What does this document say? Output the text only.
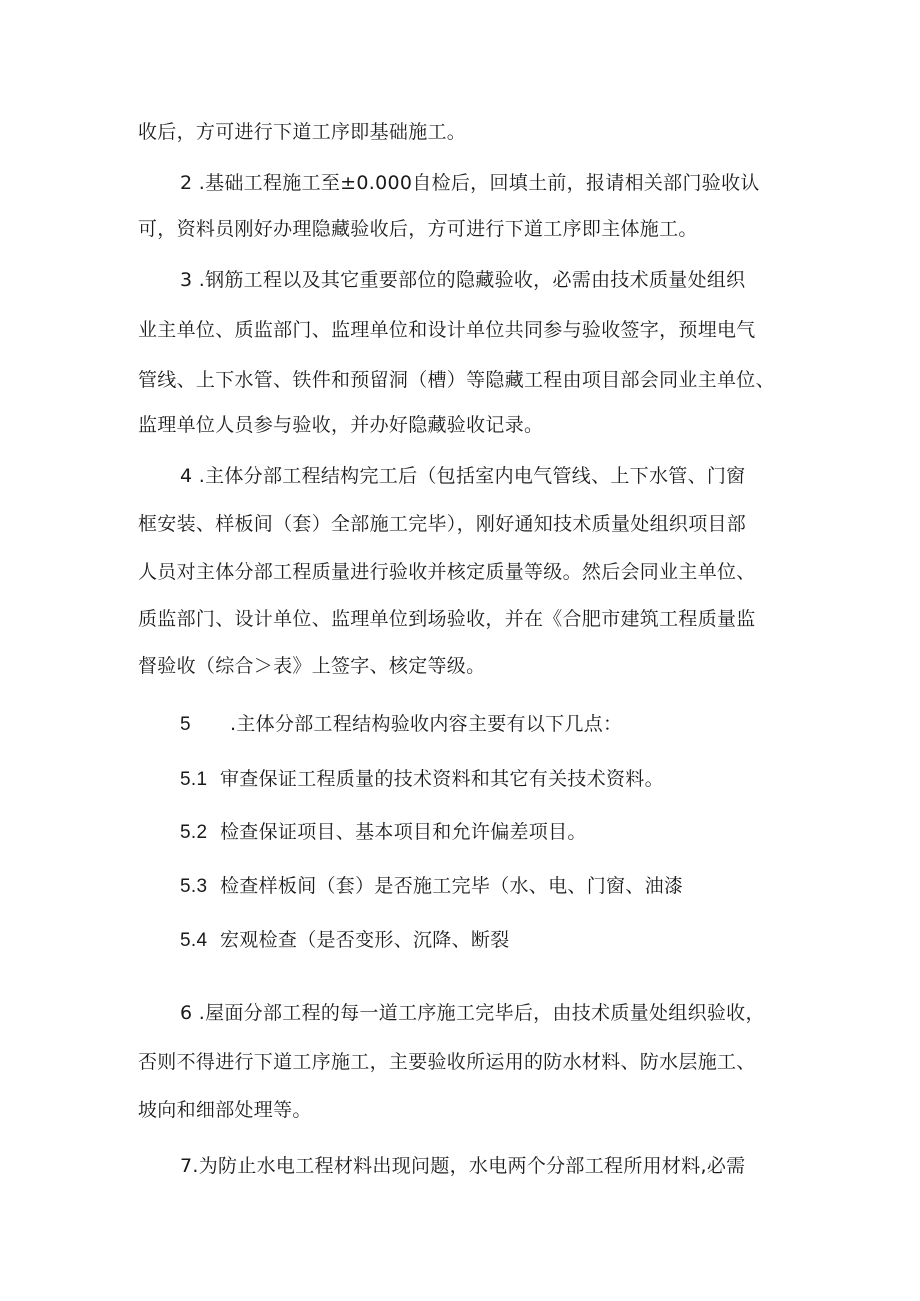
收后，方可进行下道工序即基础施工。
2 .基础工程施工至±0.000自检后，回填土前，报请相关部门验收认
可，资料员刚好办理隐藏验收后，方可进行下道工序即主体施工。
3 .钢筋工程以及其它重要部位的隐藏验收，必需由技术质量处组织
业主单位、质监部门、监理单位和设计单位共同参与验收签字，预埋电气
管线、上下水管、铁件和预留洞（槽）等隐藏工程由项目部会同业主单位、
监理单位人员参与验收，并办好隐藏验收记录。
4 .主体分部工程结构完工后（包括室内电气管线、上下水管、门窗
框安装、样板间（套）全部施工完毕），刚好通知技术质量处组织项目部
人员对主体分部工程质量进行验收并核定质量等级。然后会同业主单位、
质监部门、设计单位、监理单位到场验收，并在《合肥市建筑工程质量监
督验收（综合＞表》上签字、核定等级。
5 .主体分部工程结构验收内容主要有以下几点：
5.1 审查保证工程质量的技术资料和其它有关技术资料。
5.2 检查保证项目、基本项目和允许偏差项目。
5.3 检查样板间（套）是否施工完毕（水、电、门窗、油漆
5.4 宏观检查（是否变形、沉降、断裂
6 .屋面分部工程的每一道工序施工完毕后，由技术质量处组织验收，
否则不得进行下道工序施工，主要验收所运用的防水材料、防水层施工、
坡向和细部处理等。
7.为防止水电工程材料出现问题，水电两个分部工程所用材料,必需
